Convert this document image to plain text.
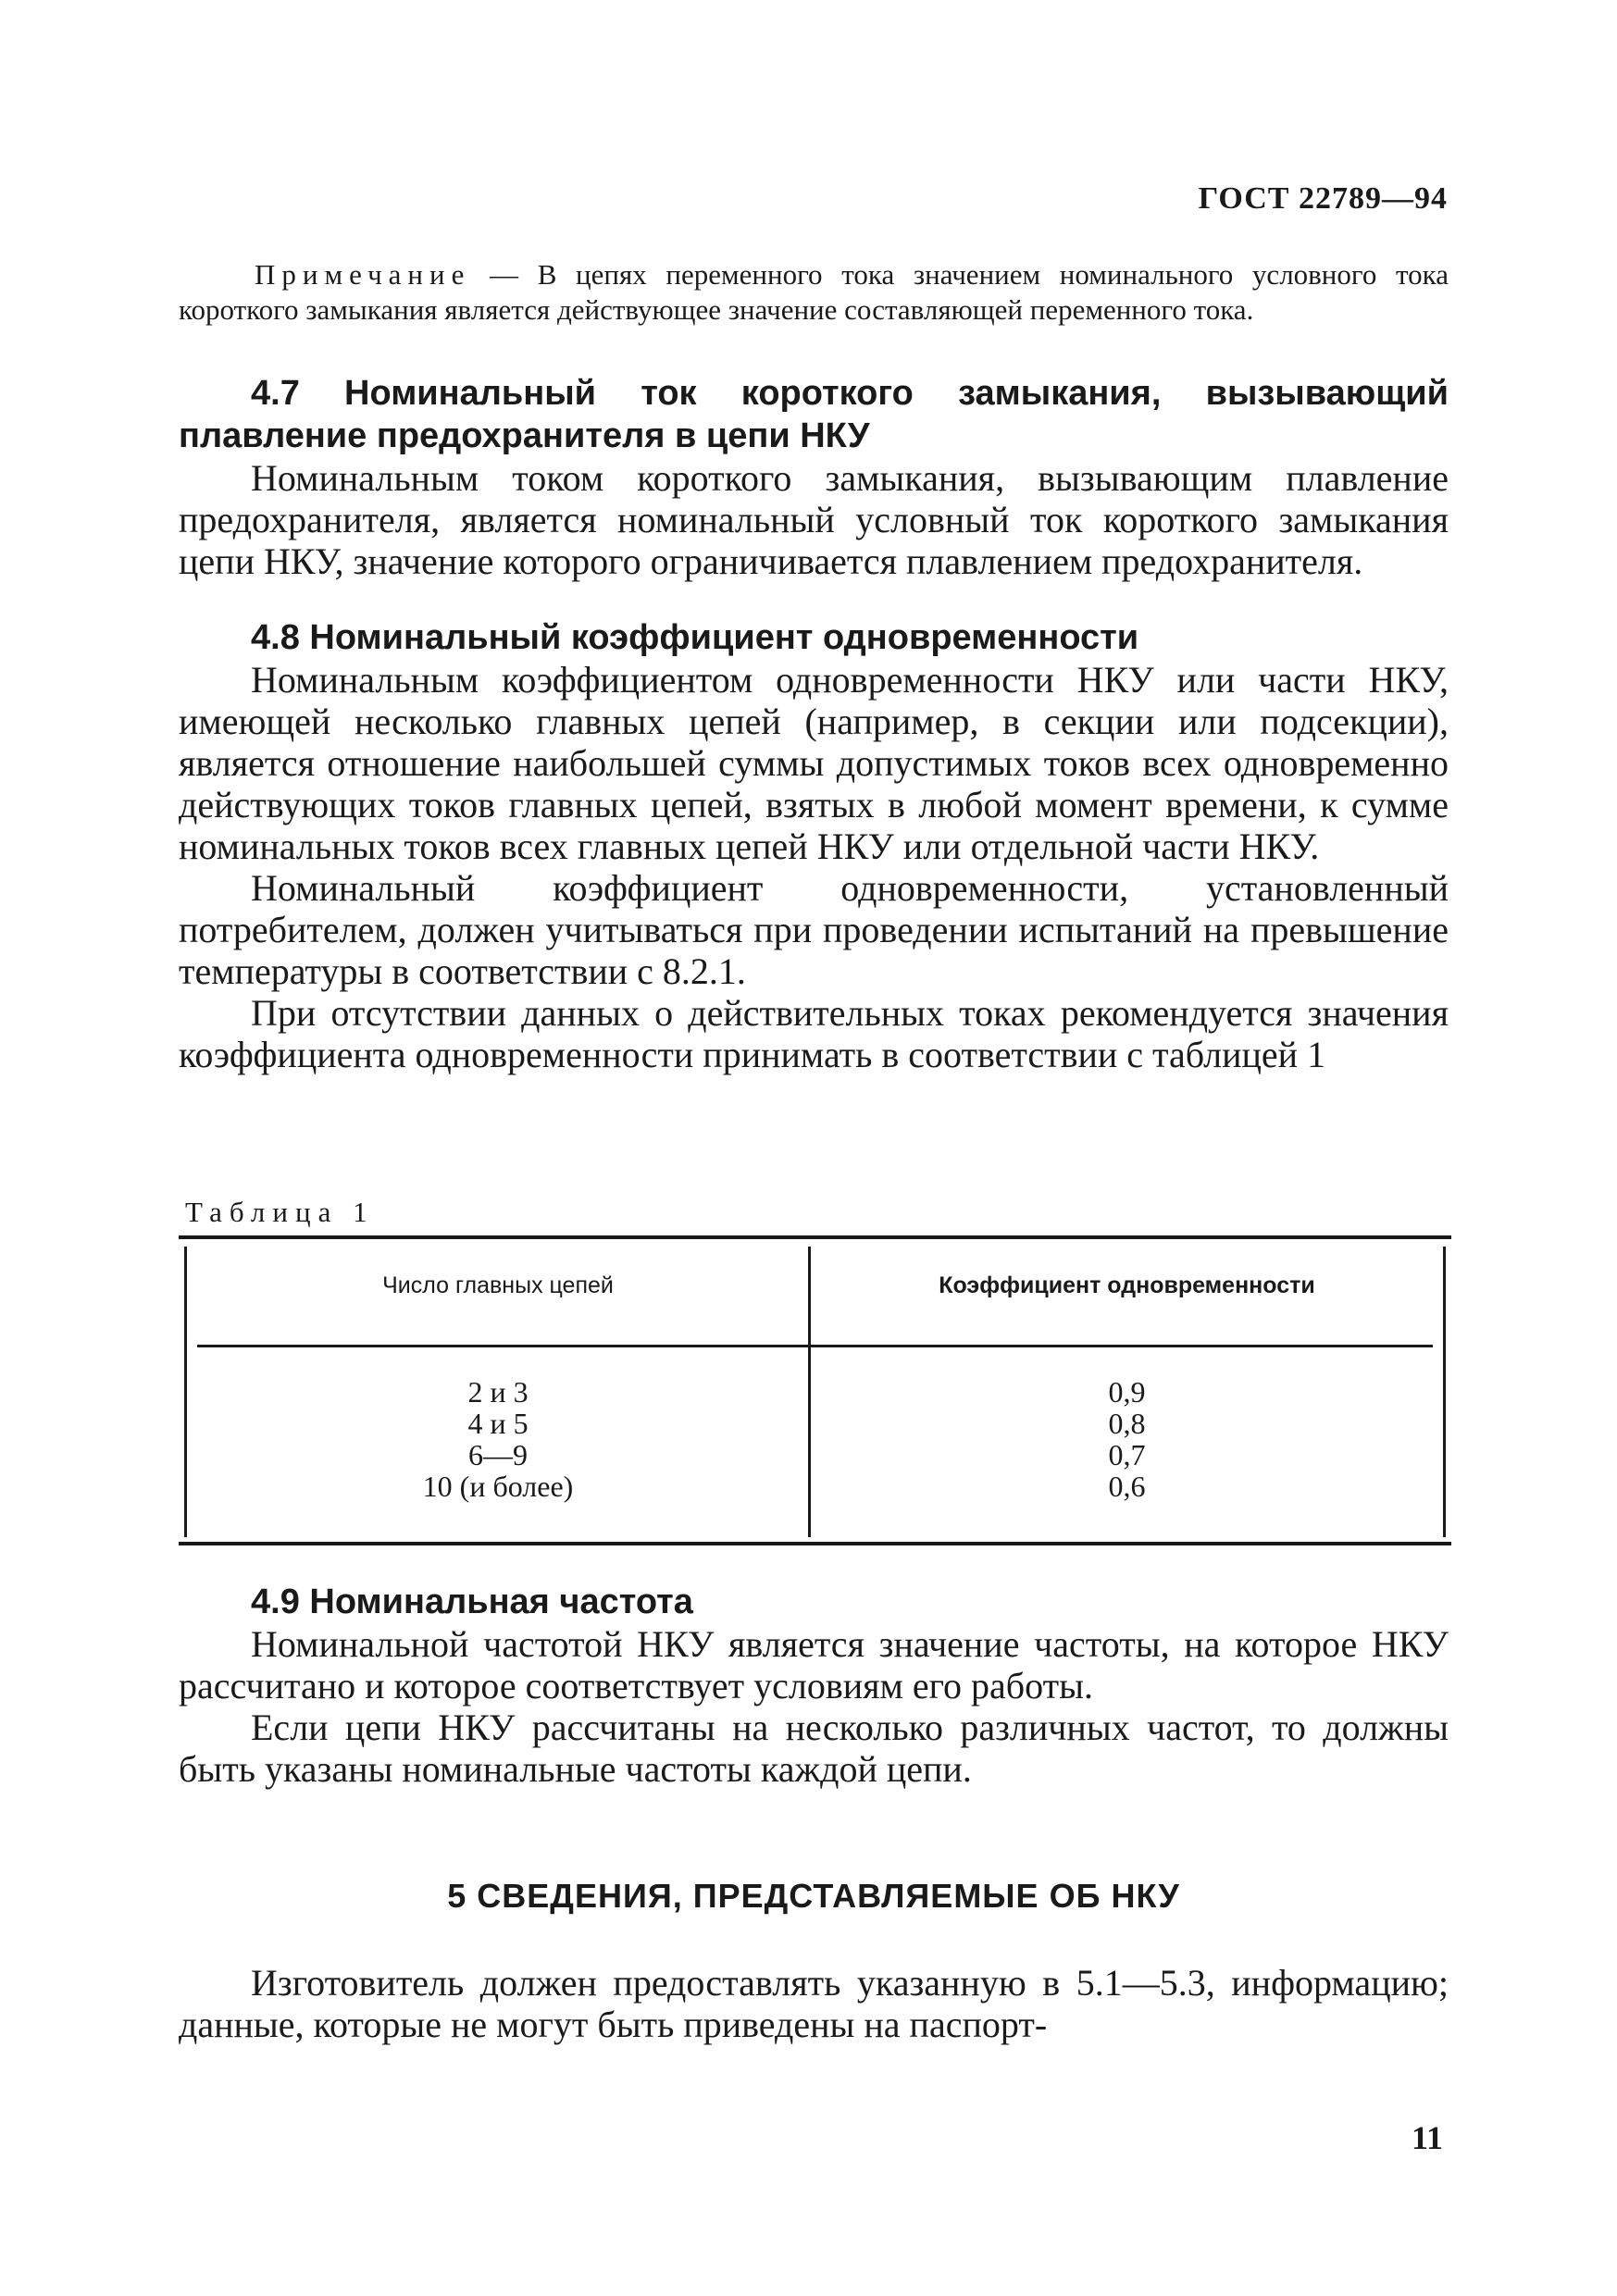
ГОСТ 22789—94
Примечание — В цепях переменного тока значением номинального условного тока короткого замыкания является действующее значение составляющей переменного тока.
4.7 Номинальный ток короткого замыкания, вызывающий плавление предохранителя в цепи НКУ
Номинальным током короткого замыкания, вызывающим плавление предохранителя, является номинальный условный ток короткого замыкания цепи НКУ, значение которого ограничивается плавлением предохранителя.
4.8 Номинальный коэффициент одновременности
Номинальным коэффициентом одновременности НКУ или части НКУ, имеющей несколько главных цепей (например, в секции или подсекции), является отношение наибольшей суммы допустимых токов всех одновременно действующих токов главных цепей, взятых в любой момент времени, к сумме номинальных токов всех главных цепей НКУ или отдельной части НКУ.
Номинальный коэффициент одновременности, установленный потребителем, должен учитываться при проведении испытаний на превышение температуры в соответствии с 8.2.1.
При отсутствии данных о действительных токах рекомендуется значения коэффициента одновременности принимать в соответствии с таблицей 1
Таблица 1
Число главных цепей	Коэффициент одновременности
2 и 3
4 и 5
6—9
10 (и более)
0,9
0,8
0,7
0,6
4.9 Номинальная частота
Номинальной частотой НКУ является значение частоты, на которое НКУ рассчитано и которое соответствует условиям его работы.
Если цепи НКУ рассчитаны на несколько различных частот, то должны быть указаны номинальные частоты каждой цепи.
5 СВЕДЕНИЯ, ПРЕДСТАВЛЯЕМЫЕ ОБ НКУ
Изготовитель должен предоставлять указанную в 5.1—5.3, информацию; данные, которые не могут быть приведены на паспорт-
11
